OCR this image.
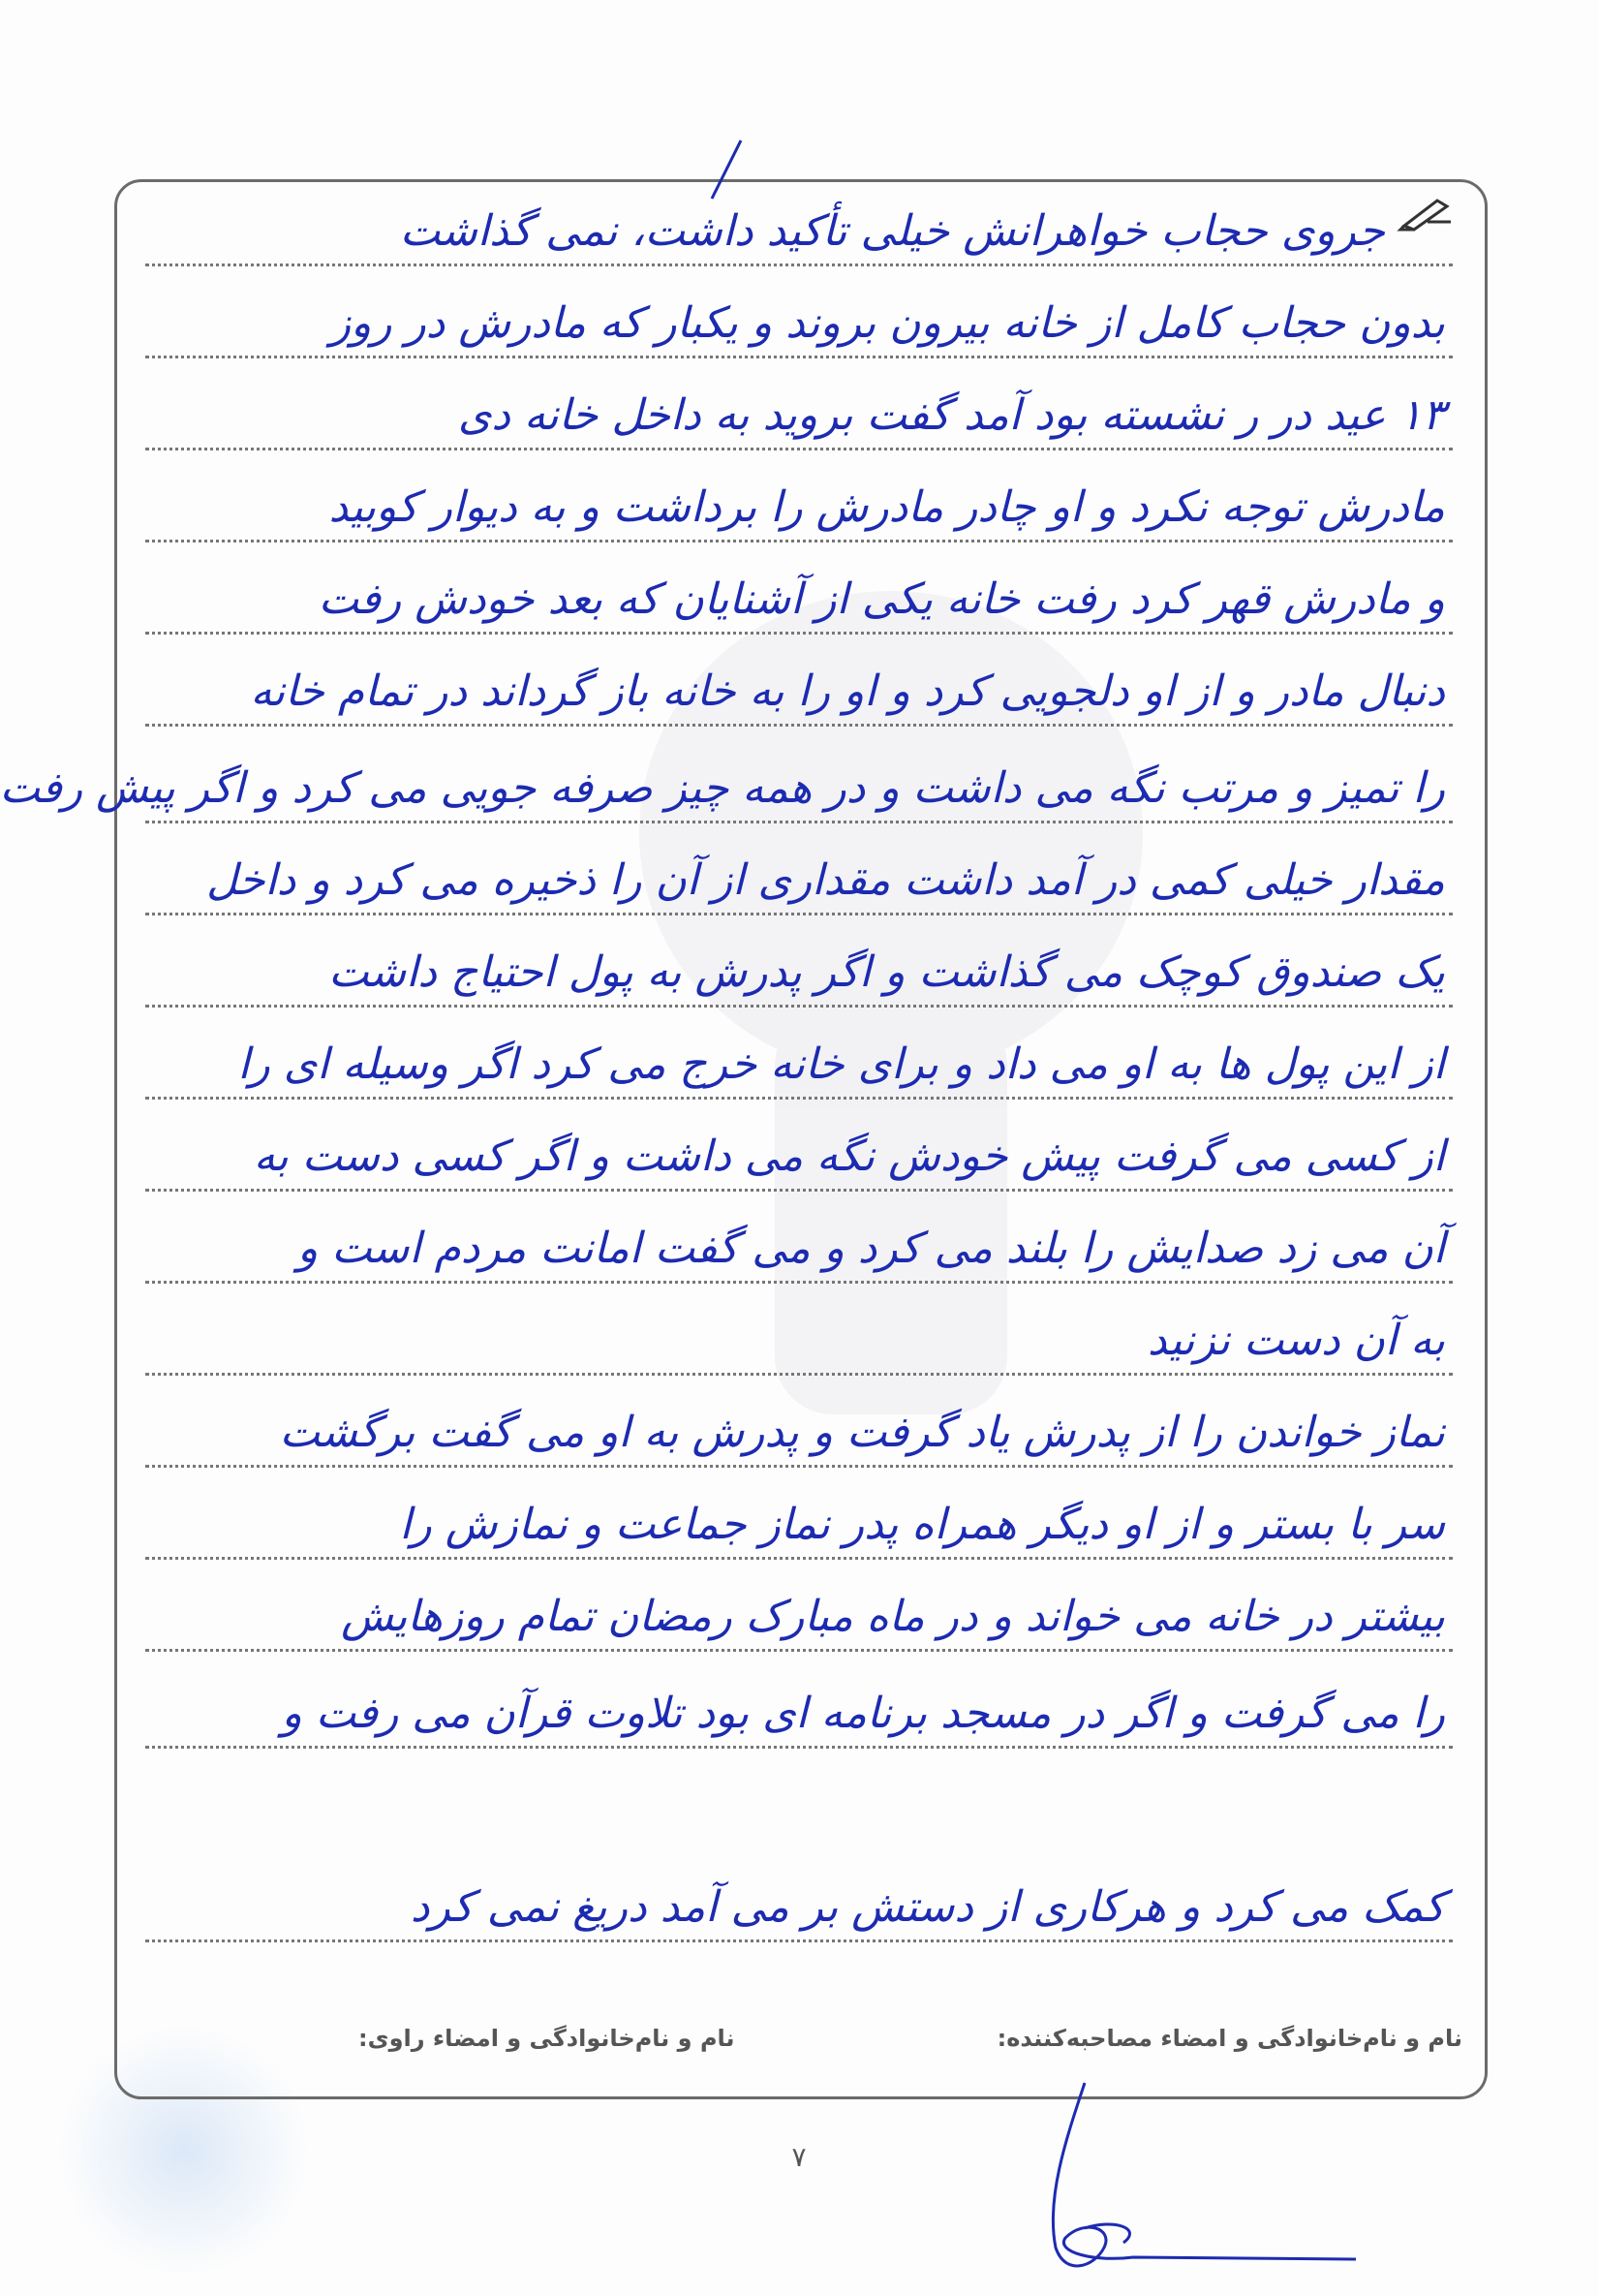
جروی حجاب خواهرانش خیلی تأکید داشت، نمی گذاشت
بدون حجاب کامل از خانه بیرون بروند و یکبار که مادرش در روز
۱۳ عید در ر نشسته بود آمد گفت بروید به داخل خانه دی
مادرش توجه نکرد و او چادر مادرش را برداشت و به دیوار کوبید
و مادرش قهر کرد رفت خانه یکی از آشنایان که بعد خودش رفت
دنبال مادر و از او دلجویی کرد و او را به خانه باز گرداند در تمام خانه
را تمیز و مرتب نگه می داشت و در همه چیز صرفه جویی می کرد و اگر پیش رفت
مقدار خیلی کمی در آمد داشت مقداری از آن را ذخیره می کرد و داخل
یک صندوق کوچک می گذاشت و اگر پدرش به پول احتیاج داشت
از این پول ها به او می داد و برای خانه خرج می کرد اگر وسیله ای را
از کسی می گرفت پیش خودش نگه می داشت و اگر کسی دست به
آن می زد صدایش را بلند می کرد و می گفت امانت مردم است و
به آن دست نزنید
نماز خواندن را از پدرش یاد گرفت و پدرش به او می گفت برگشت
سر با بستر و از او دیگر همراه پدر نماز جماعت و نمازش را
بیشتر در خانه می خواند و در ماه مبارک رمضان تمام روزهایش
را می گرفت و اگر در مسجد برنامه ای بود تلاوت قرآن می رفت و
کمک می کرد و هرکاری از دستش بر می آمد دریغ نمی کرد
نام و نام‌خانوادگی و امضاء مصاحبه‌کننده:
نام و نام‌خانوادگی و امضاء راوی:
۷
